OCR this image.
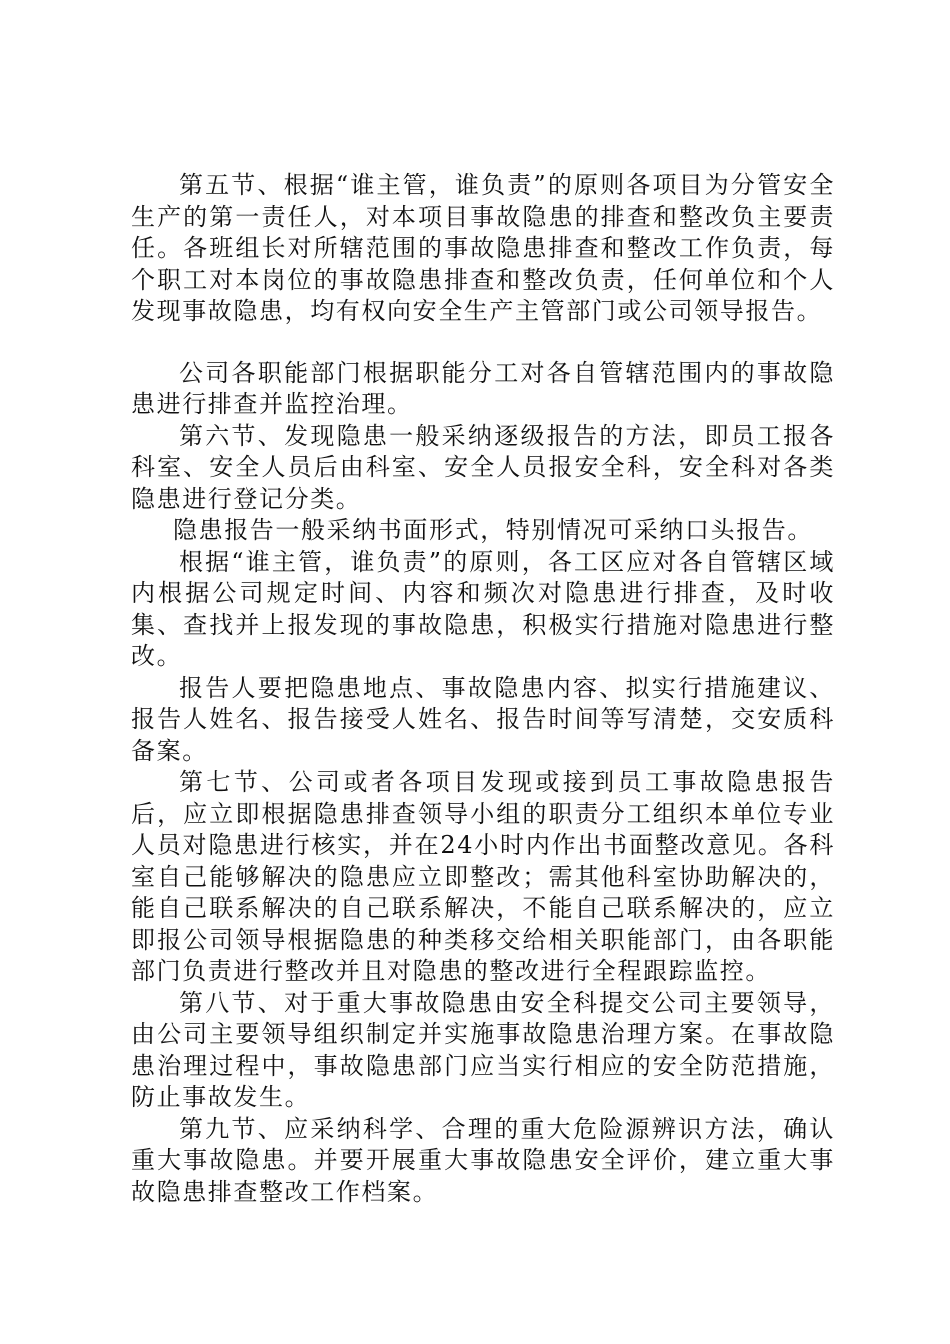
第五节、根据“谁主管，谁负责”的原则各项目为分管安全生产的第一责任人，对本项目事故隐患的排查和整改负主要责任。各班组长对所辖范围的事故隐患排查和整改工作负责，每个职工对本岗位的事故隐患排查和整改负责，任何单位和个人发现事故隐患，均有权向安全生产主管部门或公司领导报告。

公司各职能部门根据职能分工对各自管辖范围内的事故隐患进行排查并监控治理。

第六节、发现隐患一般采纳逐级报告的方法，即员工报各科室、安全人员后由科室、安全人员报安全科，安全科对各类隐患进行登记分类。

隐患报告一般采纳书面形式，特别情况可采纳口头报告。

根据“谁主管，谁负责”的原则，各工区应对各自管辖区域内根据公司规定时间、内容和频次对隐患进行排查，及时收集、查找并上报发现的事故隐患，积极实行措施对隐患进行整改。

报告人要把隐患地点、事故隐患内容、拟实行措施建议、报告人姓名、报告接受人姓名、报告时间等写清楚，交安质科备案。

第七节、公司或者各项目发现或接到员工事故隐患报告后，应立即根据隐患排查领导小组的职责分工组织本单位专业人员对隐患进行核实，并在24小时内作出书面整改意见。各科室自己能够解决的隐患应立即整改；需其他科室协助解决的，能自己联系解决的自己联系解决，不能自己联系解决的，应立即报公司领导根据隐患的种类移交给相关职能部门，由各职能部门负责进行整改并且对隐患的整改进行全程跟踪监控。

第八节、对于重大事故隐患由安全科提交公司主要领导，由公司主要领导组织制定并实施事故隐患治理方案。在事故隐患治理过程中，事故隐患部门应当实行相应的安全防范措施，防止事故发生。

第九节、应采纳科学、合理的重大危险源辨识方法，确认重大事故隐患。并要开展重大事故隐患安全评价，建立重大事故隐患排查整改工作档案。
